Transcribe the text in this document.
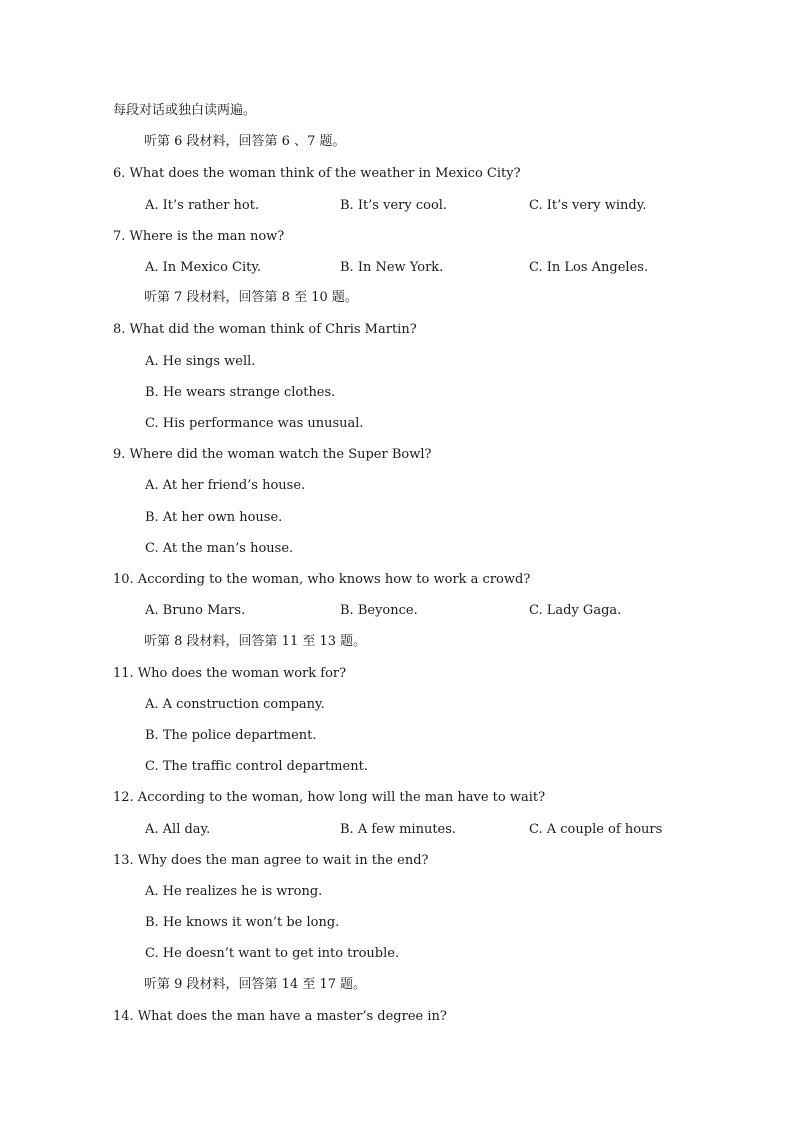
每段对话或独白读两遍。
听第 6 段材料，回答第 6 、7 题。
6. What does the woman think of the weather in Mexico City?
A. It’s rather hot.	B. It’s very cool.	C. It’s very windy.
7. Where is the man now?
A. In Mexico City.	B. In New York.	C. In Los Angeles.
听第 7 段材料，回答第 8 至 10 题。
8. What did the woman think of Chris Martin?
A. He sings well.
B. He wears strange clothes.
C. His performance was unusual.
9. Where did the woman watch the Super Bowl?
A. At her friend’s house.
B. At her own house.
C. At the man’s house.
10. According to the woman, who knows how to work a crowd?
A. Bruno Mars.	B. Beyonce.	C. Lady Gaga.
听第 8 段材料，回答第 11 至 13 题。
11. Who does the woman work for?
A. A construction company.
B. The police department.
C. The traffic control department.
12. According to the woman, how long will the man have to wait?
A. All day.	B. A few minutes.	C. A couple of hours
13. Why does the man agree to wait in the end?
A. He realizes he is wrong.
B. He knows it won’t be long.
C. He doesn’t want to get into trouble.
听第 9 段材料，回答第 14 至 17 题。
14. What does the man have a master’s degree in?
